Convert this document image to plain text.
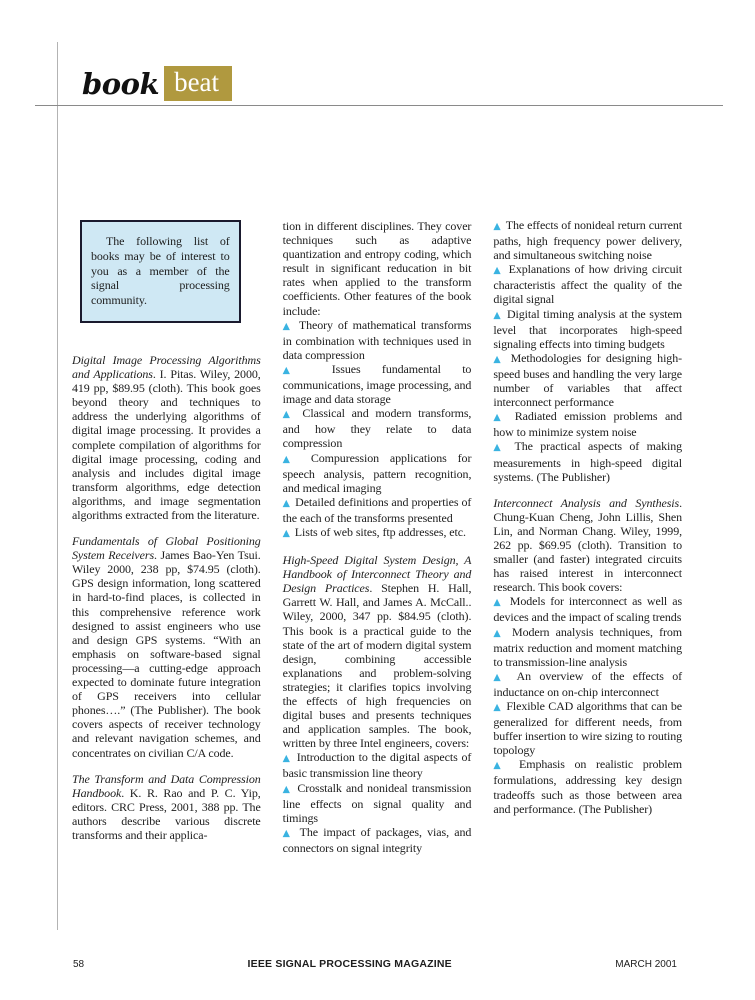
book beat

The following list of books may be of interest to you as a member of the signal processing community.

Digital Image Processing Algorithms and Applications. I. Pitas. Wiley, 2000, 419 pp, $89.95 (cloth). This book goes beyond theory and techniques to address the underlying algorithms of digital image processing. It provides a complete compilation of algorithms for digital image processing, coding and analysis and includes digital image transform algorithms, edge detection algorithms, and image segmentation algorithms extracted from the literature.

Fundamentals of Global Positioning System Receivers. James Bao-Yen Tsui. Wiley 2000, 238 pp, $74.95 (cloth). GPS design information, long scattered in hard-to-find places, is collected in this comprehensive reference work designed to assist engineers who use and design GPS systems. “With an emphasis on software-based signal processing—a cutting-edge approach expected to dominate future integration of GPS receivers into cellular phones….” (The Publisher). The book covers aspects of receiver technology and relevant navigation schemes, and concentrates on civilian C/A code.

The Transform and Data Compression Handbook. K. R. Rao and P. C. Yip, editors. CRC Press, 2001, 388 pp. The authors describe various discrete transforms and their applica-

tion in different disciplines. They cover techniques such as adaptive quantization and entropy coding, which result in significant reducation in bit rates when applied to the transform coefficients. Other features of the book include:

▲ Theory of mathematical transforms in combination with techniques used in data compression

▲ Issues fundamental to communications, image processing, and image and data storage

▲ Classical and modern transforms, and how they relate to data compression

▲ Compuression applications for speech analysis, pattern recognition, and medical imaging

▲ Detailed definitions and properties of the each of the transforms presented

▲ Lists of web sites, ftp addresses, etc.

High-Speed Digital System Design, A Handbook of Interconnect Theory and Design Practices. Stephen H. Hall, Garrett W. Hall, and James A. McCall.. Wiley, 2000, 347 pp. $84.95 (cloth). This book is a practical guide to the state of the art of modern digital system design, combining accessible explanations and problem-solving strategies; it clarifies topics involving the effects of high frequencies on digital buses and presents techniques and application samples. The book, written by three Intel engineers, covers:

▲ Introduction to the digital aspects of basic transmission line theory

▲ Crosstalk and nonideal transmission line effects on signal quality and timings

▲ The impact of packages, vias, and connectors on signal integrity

▲ The effects of nonideal return current paths, high frequency power delivery, and simultaneous switching noise

▲ Explanations of how driving circuit characteristis affect the quality of the digital signal

▲ Digital timing analysis at the system level that incorporates high-speed signaling effects into timing budgets

▲ Methodologies for designing high-speed buses and handling the very large number of variables that affect interconnect performance

▲ Radiated emission problems and how to minimize system noise

▲ The practical aspects of making measurements in high-speed digital systems. (The Publisher)

Interconnect Analysis and Synthesis. Chung-Kuan Cheng, John Lillis, Shen Lin, and Norman Chang. Wiley, 1999, 262 pp. $69.95 (cloth). Transition to smaller (and faster) integrated circuits has raised interest in interconnect research. This book covers:

▲ Models for interconnect as well as devices and the impact of scaling trends

▲ Modern analysis techniques, from matrix reduction and moment matching to transmission-line analysis

▲ An overview of the effects of inductance on on-chip interconnect

▲ Flexible CAD algorithms that can be generalized for different needs, from buffer insertion to wire sizing to routing topology

▲ Emphasis on realistic problem formulations, addressing key design tradeoffs such as those between area and performance. (The Publisher)

58	IEEE SIGNAL PROCESSING MAGAZINE	MARCH 2001
